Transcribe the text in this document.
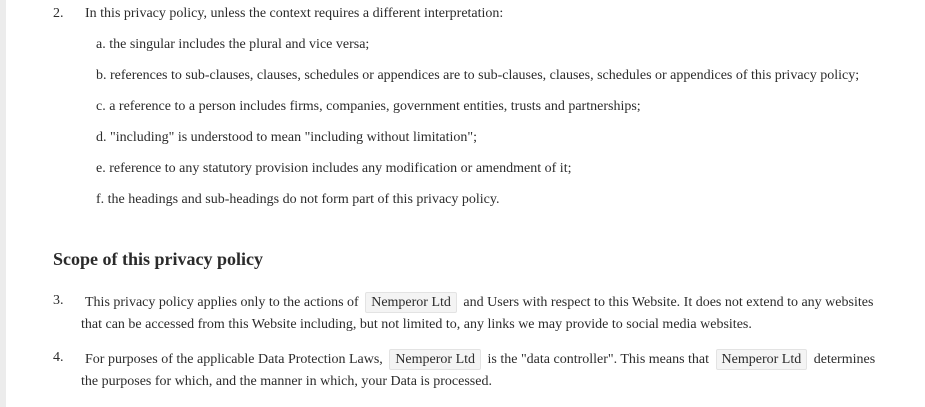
2. In this privacy policy, unless the context requires a different interpretation:
a. the singular includes the plural and vice versa;
b. references to sub-clauses, clauses, schedules or appendices are to sub-clauses, clauses, schedules or appendices of this privacy policy;
c. a reference to a person includes firms, companies, government entities, trusts and partnerships;
d. "including" is understood to mean "including without limitation";
e. reference to any statutory provision includes any modification or amendment of it;
f. the headings and sub-headings do not form part of this privacy policy.
Scope of this privacy policy
3. This privacy policy applies only to the actions of Nemperor Ltd and Users with respect to this Website. It does not extend to any websites
that can be accessed from this Website including, but not limited to, any links we may provide to social media websites.
4. For purposes of the applicable Data Protection Laws, Nemperor Ltd is the "data controller". This means that Nemperor Ltd determines
the purposes for which, and the manner in which, your Data is processed.
